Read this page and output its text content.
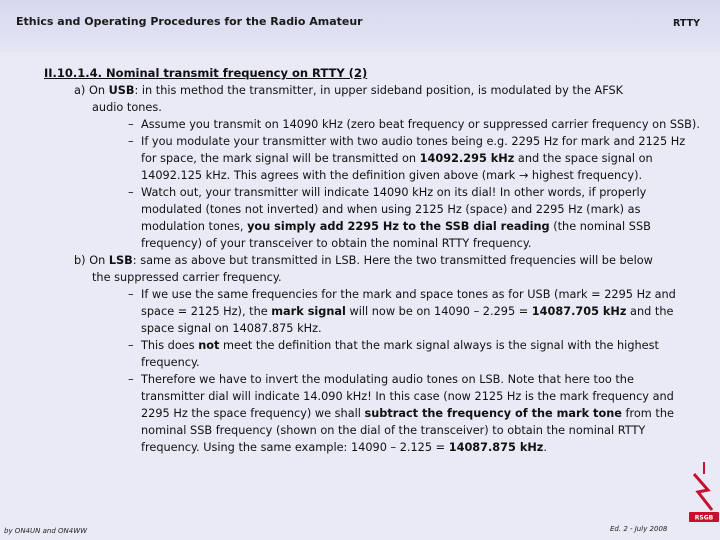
Ethics and Operating Procedures for the Radio Amateur	RTTY

II.10.1.4. Nominal transmit frequency on RTTY (2)

a) On USB: in this method the transmitter, in upper sideband position, is modulated by the AFSK

audio tones.

– Assume you transmit on 14090 kHz (zero beat frequency or suppressed carrier frequency on SSB).

– If you modulate your transmitter with two audio tones being e.g. 2295 Hz for mark and 2125 Hz for space, the mark signal will be transmitted on 14092.295 kHz and the space signal on 14092.125 kHz. This agrees with the definition given above (mark → highest frequency).

– Watch out, your transmitter will indicate 14090 kHz on its dial! In other words, if properly modulated (tones not inverted) and when using 2125 Hz (space) and 2295 Hz (mark) as modulation tones, you simply add 2295 Hz to the SSB dial reading (the nominal SSB frequency) of your transceiver to obtain the nominal RTTY frequency.

b) On LSB: same as above but transmitted in LSB. Here the two transmitted frequencies will be below

the suppressed carrier frequency.

– If we use the same frequencies for the mark and space tones as for USB (mark = 2295 Hz and space = 2125 Hz), the mark signal will now be on 14090 – 2.295 = 14087.705 kHz and the space signal on 14087.875 kHz.

– This does not meet the definition that the mark signal always is the signal with the highest frequency.

– Therefore we have to invert the modulating audio tones on LSB. Note that here too the transmitter dial will indicate 14.090 kHz! In this case (now 2125 Hz is the mark frequency and 2295 Hz the space frequency) we shall subtract the frequency of the mark tone from the nominal SSB frequency (shown on the dial of the transceiver) to obtain the nominal RTTY frequency. Using the same example: 14090 – 2.125 = 14087.875 kHz.

RSGB
by ON4UN and ON4WW	Ed. 2 - July 2008
